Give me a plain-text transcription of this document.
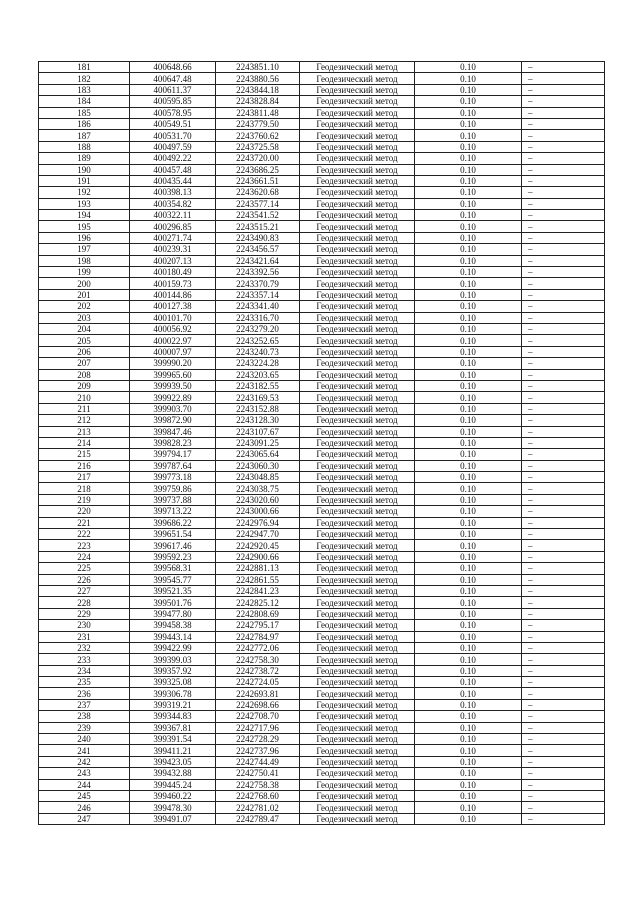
181	400648.66	2243851.10	Геодезический метод	0.10	–
182	400647.48	2243880.56	Геодезический метод	0.10	–
183	400611.37	2243844.18	Геодезический метод	0.10	–
184	400595.85	2243828.84	Геодезический метод	0.10	–
185	400578.95	2243811.48	Геодезический метод	0.10	–
186	400549.51	2243779.50	Геодезический метод	0.10	–
187	400531.70	2243760.62	Геодезический метод	0.10	–
188	400497.59	2243725.58	Геодезический метод	0.10	–
189	400492.22	2243720.00	Геодезический метод	0.10	–
190	400457.48	2243686.25	Геодезический метод	0.10	–
191	400435.44	2243661.51	Геодезический метод	0.10	–
192	400398.13	2243620.68	Геодезический метод	0.10	–
193	400354.82	2243577.14	Геодезический метод	0.10	–
194	400322.11	2243541.52	Геодезический метод	0.10	–
195	400296.85	2243515.21	Геодезический метод	0.10	–
196	400271.74	2243490.83	Геодезический метод	0.10	–
197	400239.31	2243456.57	Геодезический метод	0.10	–
198	400207.13	2243421.64	Геодезический метод	0.10	–
199	400180.49	2243392.56	Геодезический метод	0.10	–
200	400159.73	2243370.79	Геодезический метод	0.10	–
201	400144.86	2243357.14	Геодезический метод	0.10	–
202	400127.38	2243341.40	Геодезический метод	0.10	–
203	400101.70	2243316.70	Геодезический метод	0.10	–
204	400056.92	2243279.20	Геодезический метод	0.10	–
205	400022.97	2243252.65	Геодезический метод	0.10	–
206	400007.97	2243240.73	Геодезический метод	0.10	–
207	399990.20	2243224.28	Геодезический метод	0.10	–
208	399965.60	2243203.65	Геодезический метод	0.10	–
209	399939.50	2243182.55	Геодезический метод	0.10	–
210	399922.89	2243169.53	Геодезический метод	0.10	–
211	399903.70	2243152.88	Геодезический метод	0.10	–
212	399872.90	2243128.30	Геодезический метод	0.10	–
213	399847.46	2243107.67	Геодезический метод	0.10	–
214	399828.23	2243091.25	Геодезический метод	0.10	–
215	399794.17	2243065.64	Геодезический метод	0.10	–
216	399787.64	2243060.30	Геодезический метод	0.10	–
217	399773.18	2243048.85	Геодезический метод	0.10	–
218	399759.86	2243038.75	Геодезический метод	0.10	–
219	399737.88	2243020.60	Геодезический метод	0.10	–
220	399713.22	2243000.66	Геодезический метод	0.10	–
221	399686.22	2242976.94	Геодезический метод	0.10	–
222	399651.54	2242947.70	Геодезический метод	0.10	–
223	399617.46	2242920.45	Геодезический метод	0.10	–
224	399592.23	2242900.66	Геодезический метод	0.10	–
225	399568.31	2242881.13	Геодезический метод	0.10	–
226	399545.77	2242861.55	Геодезический метод	0.10	–
227	399521.35	2242841.23	Геодезический метод	0.10	–
228	399501.76	2242825.12	Геодезический метод	0.10	–
229	399477.80	2242808.69	Геодезический метод	0.10	–
230	399458.38	2242795.17	Геодезический метод	0.10	–
231	399443.14	2242784.97	Геодезический метод	0.10	–
232	399422.99	2242772.06	Геодезический метод	0.10	–
233	399399.03	2242758.30	Геодезический метод	0.10	–
234	399357.92	2242738.72	Геодезический метод	0.10	–
235	399325.08	2242724.05	Геодезический метод	0.10	–
236	399306.78	2242693.81	Геодезический метод	0.10	–
237	399319.21	2242698.66	Геодезический метод	0.10	–
238	399344.83	2242708.70	Геодезический метод	0.10	–
239	399367.81	2242717.96	Геодезический метод	0.10	–
240	399391.54	2242728.29	Геодезический метод	0.10	–
241	399411.21	2242737.96	Геодезический метод	0.10	–
242	399423.05	2242744.49	Геодезический метод	0.10	–
243	399432.88	2242750.41	Геодезический метод	0.10	–
244	399445.24	2242758.38	Геодезический метод	0.10	–
245	399460.22	2242768.60	Геодезический метод	0.10	–
246	399478.30	2242781.02	Геодезический метод	0.10	–
247	399491.07	2242789.47	Геодезический метод	0.10	–
